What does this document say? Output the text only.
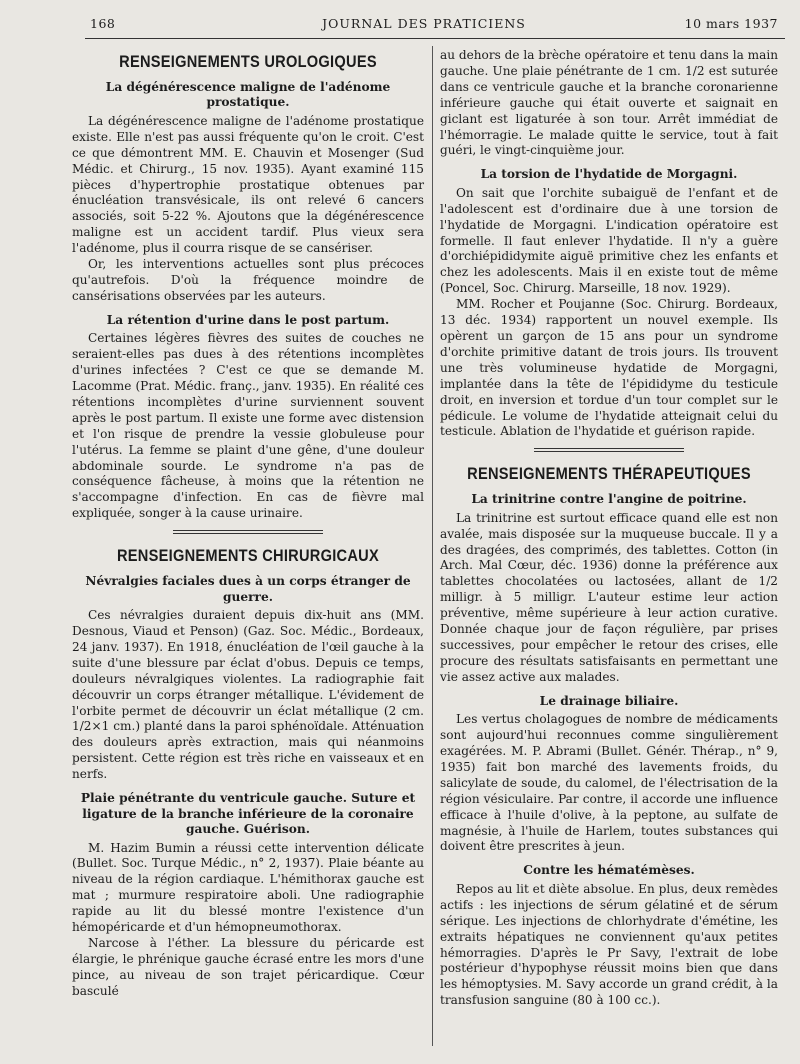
168	JOURNAL DES PRATICIENS	10 mars 1937
RENSEIGNEMENTS UROLOGIQUES
La dégénérescence maligne de l'adénome prostatique.

La dégénérescence maligne de l'adénome prostatique existe. Elle n'est pas aussi fréquente qu'on le croit. C'est ce que démontrent MM. E. Chauvin et Mosenger (Sud Médic. et Chirurg., 15 nov. 1935). Ayant examiné 115 pièces d'hypertrophie prostatique obtenues par énucléation transvésicale, ils ont relevé 6 cancers associés, soit 5-22 %. Ajoutons que la dégénérescence maligne est un accident tardif. Plus vieux sera l'adénome, plus il courra risque de se cansériser.

Or, les interventions actuelles sont plus précoces qu'autrefois. D'où la fréquence moindre de cansérisations observées par les auteurs.

La rétention d'urine dans le post partum.

Certaines légères fièvres des suites de couches ne seraient-elles pas dues à des rétentions incomplètes d'urines infectées ? C'est ce que se demande M. Lacomme (Prat. Médic. franç., janv. 1935). En réalité ces rétentions incomplètes d'urine surviennent souvent après le post partum. Il existe une forme avec distension et l'on risque de prendre la vessie globuleuse pour l'utérus. La femme se plaint d'une gêne, d'une douleur abdominale sourde. Le syndrome n'a pas de conséquence fâcheuse, à moins que la rétention ne s'accompagne d'infection. En cas de fièvre mal expliquée, songer à la cause urinaire.

RENSEIGNEMENTS CHIRURGICAUX
Névralgies faciales dues à un corps étranger de guerre.

Ces névralgies duraient depuis dix-huit ans (MM. Desnous, Viaud et Penson) (Gaz. Soc. Médic., Bordeaux, 24 janv. 1937). En 1918, énucléation de l'œil gauche à la suite d'une blessure par éclat d'obus. Depuis ce temps, douleurs névralgiques violentes. La radiographie fait découvrir un corps étranger métallique. L'évidement de l'orbite permet de découvrir un éclat métallique (2 cm. 1/2×1 cm.) planté dans la paroi sphénoïdale. Atténuation des douleurs après extraction, mais qui néanmoins persistent. Cette région est très riche en vaisseaux et en nerfs.

Plaie pénétrante du ventricule gauche. Suture et ligature de la branche inférieure de la coronaire gauche. Guérison.

M. Hazim Bumin a réussi cette intervention délicate (Bullet. Soc. Turque Médic., n° 2, 1937). Plaie béante au niveau de la région cardiaque. L'hémithorax gauche est mat ; murmure respiratoire aboli. Une radiographie rapide au lit du blessé montre l'existence d'un hémopéricarde et d'un hémopneumothorax.

Narcose à l'éther. La blessure du péricarde est élargie, le phrénique gauche écrasé entre les mors d'une pince, au niveau de son trajet péricardique. Cœur basculé

au dehors de la brèche opératoire et tenu dans la main gauche. Une plaie pénétrante de 1 cm. 1/2 est suturée dans ce ventricule gauche et la branche coronarienne inférieure gauche qui était ouverte et saignait en giclant est ligaturée à son tour. Arrêt immédiat de l'hémorragie. Le malade quitte le service, tout à fait guéri, le vingt-cinquième jour.

La torsion de l'hydatide de Morgagni.

On sait que l'orchite subaiguë de l'enfant et de l'adolescent est d'ordinaire due à une torsion de l'hydatide de Morgagni. L'indication opératoire est formelle. Il faut enlever l'hydatide. Il n'y a guère d'orchiépididymite aiguë primitive chez les enfants et chez les adolescents. Mais il en existe tout de même (Poncel, Soc. Chirurg. Marseille, 18 nov. 1929).

MM. Rocher et Poujanne (Soc. Chirurg. Bordeaux, 13 déc. 1934) rapportent un nouvel exemple. Ils opèrent un garçon de 15 ans pour un syndrome d'orchite primitive datant de trois jours. Ils trouvent une très volumineuse hydatide de Morgagni, implantée dans la tête de l'épididyme du testicule droit, en inversion et tordue d'un tour complet sur le pédicule. Le volume de l'hydatide atteignait celui du testicule. Ablation de l'hydatide et guérison rapide.

RENSEIGNEMENTS THÉRAPEUTIQUES
La trinitrine contre l'angine de poitrine.

La trinitrine est surtout efficace quand elle est non avalée, mais disposée sur la muqueuse buccale. Il y a des dragées, des comprimés, des tablettes. Cotton (in Arch. Mal Cœur, déc. 1936) donne la préférence aux tablettes chocolatées ou lactosées, allant de 1/2 milligr. à 5 milligr. L'auteur estime leur action préventive, même supérieure à leur action curative. Donnée chaque jour de façon régulière, par prises successives, pour empêcher le retour des crises, elle procure des résultats satisfaisants en permettant une vie assez active aux malades.

Le drainage biliaire.

Les vertus cholagogues de nombre de médicaments sont aujourd'hui reconnues comme singulièrement exagérées. M. P. Abrami (Bullet. Génér. Thérap., n° 9, 1935) fait bon marché des lavements froids, du salicylate de soude, du calomel, de l'électrisation de la région vésiculaire. Par contre, il accorde une influence efficace à l'huile d'olive, à la peptone, au sulfate de magnésie, à l'huile de Harlem, toutes substances qui doivent être prescrites à jeun.

Contre les hématémèses.

Repos au lit et diète absolue. En plus, deux remèdes actifs : les injections de sérum gélatiné et de sérum sérique. Les injections de chlorhydrate d'émétine, les extraits hépatiques ne conviennent qu'aux petites hémorragies. D'après le Pr Savy, l'extrait de lobe postérieur d'hypophyse réussit moins bien que dans les hémoptysies. M. Savy accorde un grand crédit, à la transfusion sanguine (80 à 100 cc.).
